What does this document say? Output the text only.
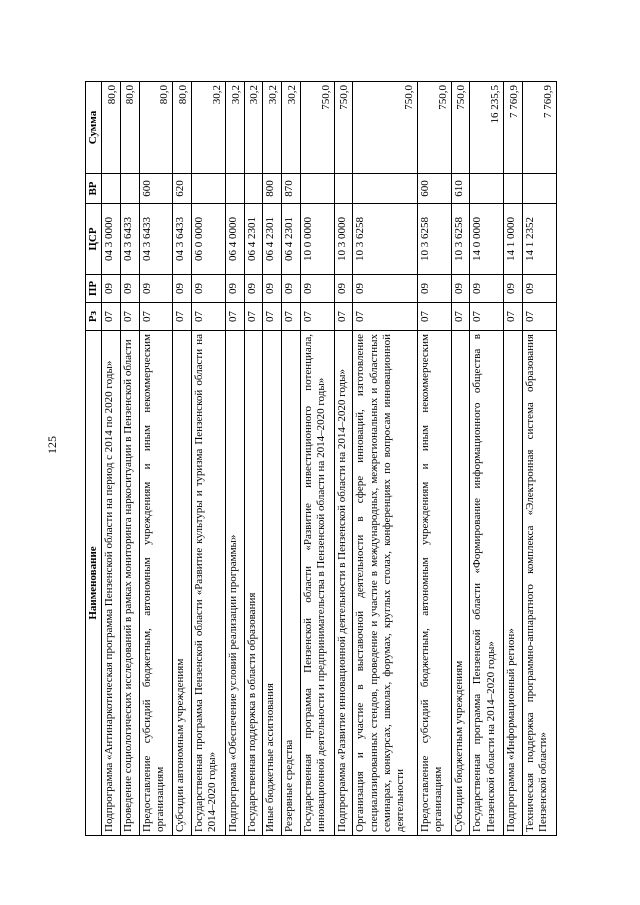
125
Наименование	Рз	ПР	ЦСР	ВР	Сумма
Подпрограмма «Антинаркотическая программа Пензенской области на период с 2014 по 2020 годы»	07	09	04 3 0000		80,0
Проведение социологических исследований в рамках мониторинга наркоситуации в Пензенской области	07	09	04 3 6433		80,0
Предоставление субсидий бюджетным, автономным учреждениям и иным некоммерческим организациям	07	09	04 3 6433	600	80,0
Субсидии автономным учреждениям	07	09	04 3 6433	620	80,0
Государственная программа Пензенской области «Развитие культуры и туризма Пензенской области на 2014–2020 годы»	07	09	06 0 0000		30,2
Подпрограмма «Обеспечение условий реализации программы»	07	09	06 4 0000		30,2
Государственная поддержка в области образования	07	09	06 4 2301		30,2
Иные бюджетные ассигнования	07	09	06 4 2301	800	30,2
Резервные средства	07	09	06 4 2301	870	30,2
Государственная программа Пензенской области «Развитие инвестиционного потенциала, инновационной деятельности и предпринимательства в Пензенской области на 2014–2020 годы»	07	09	10 0 0000		750,0
Подпрограмма «Развитие инновационной деятельности в Пензенской области на 2014–2020 годы»	07	09	10 3 0000		750,0
Организация и участие в выставочной деятельности в сфере инноваций, изготовление специализированных стендов, проведение и участие в международных, межрегиональных и областных семинарах, конкурсах, школах, форумах, круглых столах, конференциях по вопросам инновационной деятельности	07	09	10 3 6258		750,0
Предоставление субсидий бюджетным, автономным учреждениям и иным некоммерческим организациям	07	09	10 3 6258	600	750,0
Субсидии бюджетным учреждениям	07	09	10 3 6258	610	750,0
Государственная программа Пензенской области «Формирование информационного общества в Пензенской области на 2014–2020 годы»	07	09	14 0 0000		16 235,5
Подпрограмма «Информационный регион»	07	09	14 1 0000		7 760,9
Техническая поддержка программно-аппаратного комплекса «Электронная система образования Пензенской области»	07	09	14 1 2352		7 760,9
